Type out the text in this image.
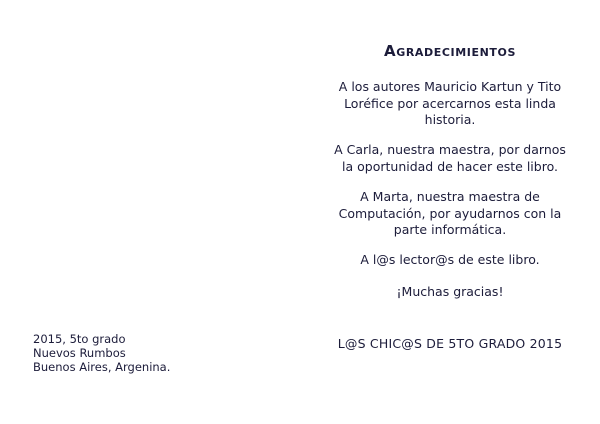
2015, 5to grado
Nuevos Rumbos
Buenos Aires, Argenina.
Agradecimientos
A los autores Mauricio Kartun y Tito Loréfice por acercarnos esta linda historia.
A Carla, nuestra maestra, por darnos la oportunidad de hacer este libro.
A Marta, nuestra maestra de Computación, por ayudarnos con la parte informática.
A l@s lector@s de este libro.
¡Muchas gracias!
L@S CHIC@S DE 5TO GRADO 2015
